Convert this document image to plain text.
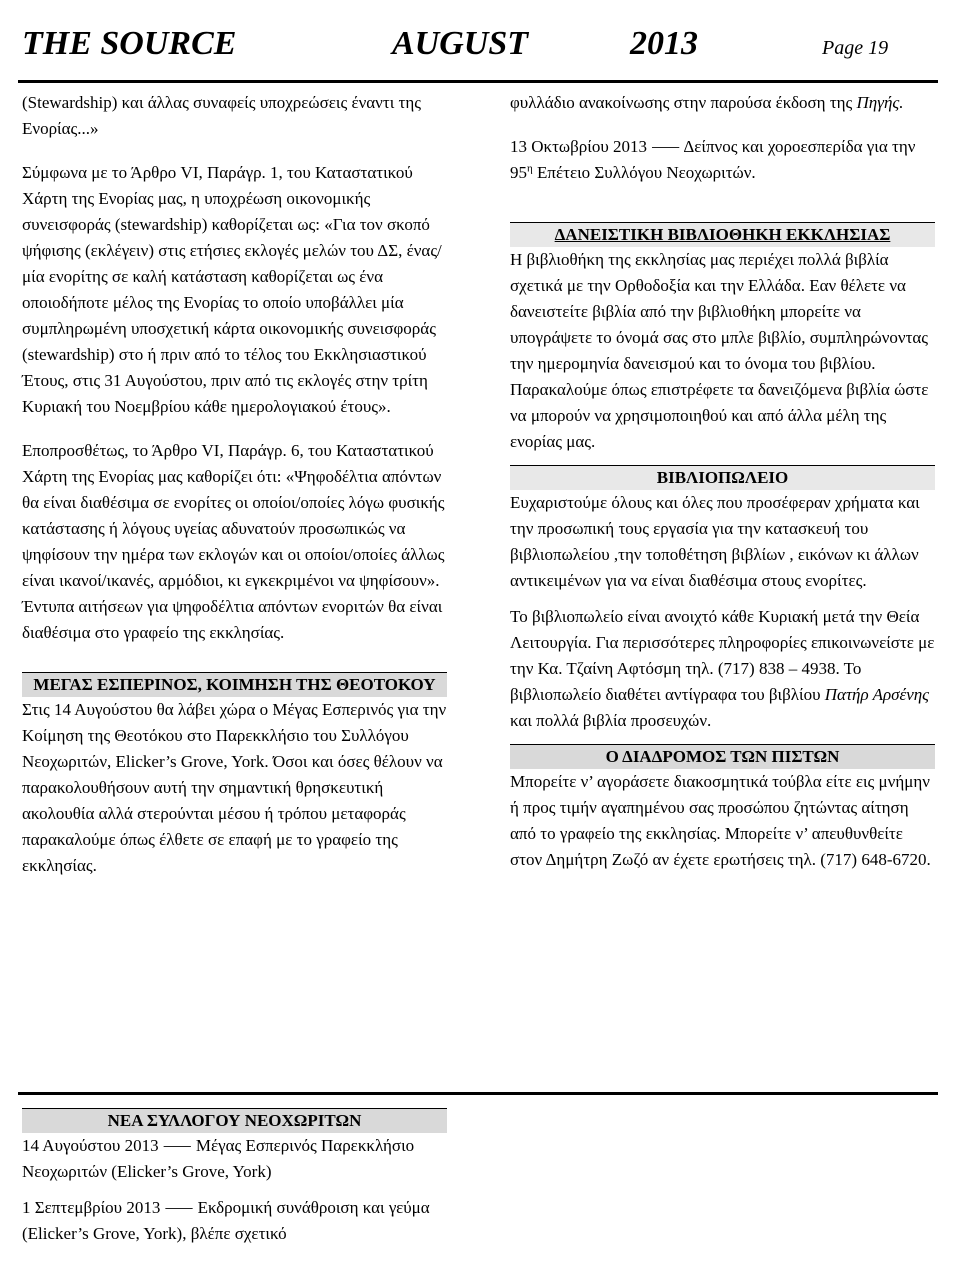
THE SOURCE	AUGUST	2013	Page 19

(Stewardship) και άλλας συναφείς υποχρεώσεις έναντι της Ενορίας...»

Σύμφωνα με το Άρθρο VI, Παράγρ. 1, του Καταστατικού Χάρτη της Ενορίας μας, η υποχρέωση οικονομικής συνεισφοράς (stewardship) καθορίζεται ως: «Για τον σκοπό ψήφισης (εκλέγειν) στις ετήσιες εκλογές μελών του ΔΣ, ένας/μία ενορίτης σε καλή κατάσταση καθορίζεται ως ένα οποιοδήποτε μέλος της Ενορίας το οποίο υποβάλλει μία συμπληρωμένη υποσχετική κάρτα οικονομικής συνεισφοράς (stewardship) στο ή πριν από το τέλος του Εκκλησιαστικού Έτους, στις 31 Αυγούστου, πριν από τις εκλογές στην τρίτη Κυριακή του Νοεμβρίου κάθε ημερολογιακού έτους».

Εποπροσθέτως, το Άρθρο VI, Παράγρ. 6, του Καταστατικού Χάρτη της Ενορίας μας καθορίζει ότι: «Ψηφοδέλτια απόντων θα είναι διαθέσιμα σε ενορίτες οι οποίοι/οποίες λόγω φυσικής κατάστασης ή λόγους υγείας αδυνατούν προσωπικώς να ψηφίσουν την ημέρα των εκλογών και οι οποίοι/οποίες άλλως είναι ικανοί/ικανές, αρμόδιοι, κι εγκεκριμένοι να ψηφίσουν». Έντυπα αιτήσεων για ψηφοδέλτια απόντων ενοριτών θα είναι διαθέσιμα στο γραφείο της εκκλησίας.

ΜΕΓΑΣ ΕΣΠΕΡΙΝΟΣ, ΚΟΙΜΗΣΗ ΤΗΣ ΘΕΟΤΟΚΟΥ

Στις 14 Αυγούστου θα λάβει χώρα ο Μέγας Εσπερινός για την Κοίμηση της Θεοτόκου στο Παρεκκλήσιο του Συλλόγου Νεοχωριτών, Elicker’s Grove, York. Όσοι και όσες θέλουν να παρακολουθήσουν αυτή την σημαντική θρησκευτική ακολουθία αλλά στερούνται μέσου ή τρόπου μεταφοράς παρακαλούμε όπως έλθετε σε επαφή με το γραφείο της εκκλησίας.

ΝΕΑ ΣΥΛΛΟΓΟΥ ΝΕΟΧΩΡΙΤΩΝ

14 Αυγούστου 2013 ⸺ Μέγας Εσπερινός Παρεκκλήσιο Νεοχωριτών (Elicker’s Grove, York)

1 Σεπτεμβρίου 2013 ⸺ Εκδρομική συνάθροιση και γεύμα (Elicker’s Grove, York), βλέπε σχετικό

φυλλάδιο ανακοίνωσης στην παρούσα έκδοση της Πηγής.

13 Οκτωβρίου 2013 ⸺ Δείπνος και χοροεσπερίδα για την $95^\eta$ Επέτειο Συλλόγου Νεοχωριτών.

ΔΑΝΕΙΣΤΙΚΗ ΒΙΒΛΙΟΘΗΚΗ ΕΚΚΛΗΣΙΑΣ

Η βιβλιοθήκη της εκκλησίας μας περιέχει πολλά βιβλία σχετικά με την Ορθοδοξία και την Ελλάδα. Εαν θέλετε να δανειστείτε βιβλία από την βιβλιοθήκη μπορείτε να υπογράψετε το όνομά σας στο μπλε βιβλίο, συμπληρώνοντας την ημερομηνία δανεισμού και το όνομα του βιβλίου.

Παρακαλούμε όπως επιστρέφετε τα δανειζόμενα βιβλία ώστε να μπορούν να χρησιμοποιηθού και από άλλα μέλη της ενορίας μας.

ΒΙΒΛΙΟΠΩΛΕΙΟ

Ευχαριστούμε όλους και όλες που προσέφεραν χρήματα και την προσωπική τους εργασία για την κατασκευή του βιβλιοπωλείου ,την τοποθέτηση βιβλίων , εικόνων κι άλλων αντικειμένων για να είναι διαθέσιμα στους ενορίτες.

Το βιβλιοπωλείο είναι ανοιχτό κάθε Κυριακή μετά την Θεία Λειτουργία. Για περισσότερες πληροφορίες επικοινωνείστε με την Κα. Τζαίνη Αφτόσμη τηλ. (717) 838 – 4938. Το βιβλιοπωλείο διαθέτει αντίγραφα του βιβλίου Πατήρ Αρσένης και πολλά βιβλία προσευχών.

Ο ΔΙΑΔΡΟΜΟΣ ΤΩΝ ΠΙΣΤΩΝ

Μπορείτε ν’ αγοράσετε διακοσμητικά τούβλα είτε εις μνήμην ή προς τιμήν αγαπημένου σας προσώπου ζητώντας αίτηση από το γραφείο της εκκλησίας. Μπορείτε ν’ απευθυνθείτε στον Δημήτρη Ζωζό αν έχετε ερωτήσεις τηλ. (717) 648-6720.
